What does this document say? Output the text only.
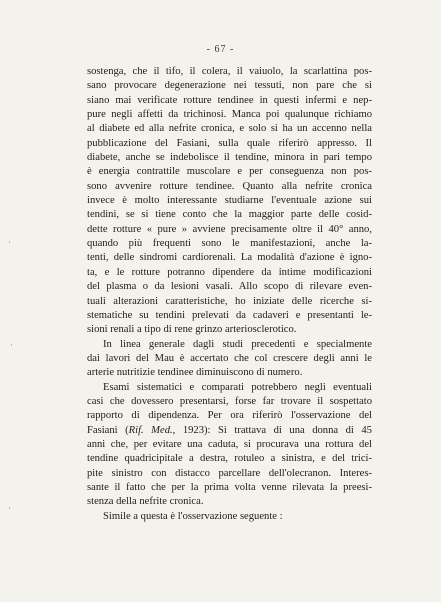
- 67 -
·
·
·
sostenga, che il tifo, il colera, il vaiuolo, la scarlattina pos-
sano provocare degenerazione nei tessuti, non pare che si
siano mai verificate rotture tendinee in questi infermi e nep-
pure negli affetti da trichinosi. Manca poi qualunque richiamo
al diabete ed alla nefrite cronica, e solo si ha un accenno nella
pubblicazione del Fasiani, sulla quale riferirò appresso. Il
diabete, anche se indebolisce il tendine, minora in pari tempo
è energia contrattile muscolare e per conseguenza non pos-
sono avvenire rotture tendinee. Quanto alla nefrite cronica
invece è molto interessante studiarne l'eventuale azione sui
tendini, se si tiene conto che la maggior parte delle cosid-
dette rotture « pure » avviene precisamente oltre il 40° anno,
quando più frequenti sono le manifestazioni, anche la-
tenti, delle sindromi cardiorenali. La modalità d'azione è igno-
ta, e le rotture potranno dipendere da intime modificazioni
del plasma o da lesioni vasali. Allo scopo di rilevare even-
tuali alterazioni caratteristiche, ho iniziate delle ricerche si-
stematiche su tendini prelevati da cadaveri e presentanti le-
sioni renali a tipo di rene grinzo arteriosclerotico.
In linea generale dagli studi precedenti e specialmente
dai lavori del Mau è accertato che col crescere degli anni le
arterie nutritizie tendinee diminuiscono di numero.
Esami sistematici e comparati potrebbero negli eventuali
casi che dovessero presentarsi, forse far trovare il sospettato
rapporto di dipendenza. Per ora riferirò l'osservazione del
Fasiani (Rif. Med., 1923): Si trattava di una donna di 45
anni che, per evitare una caduta, si procurava una rottura del
tendine quadricipitale a destra, rotuleo a sinistra, e del trici-
pite sinistro con distacco parcellare dell'olecranon. Interes-
sante il fatto che per la prima volta venne rilevata la preesi-
stenza della nefrite cronica.
Simile a questa è l'osservazione seguente :
